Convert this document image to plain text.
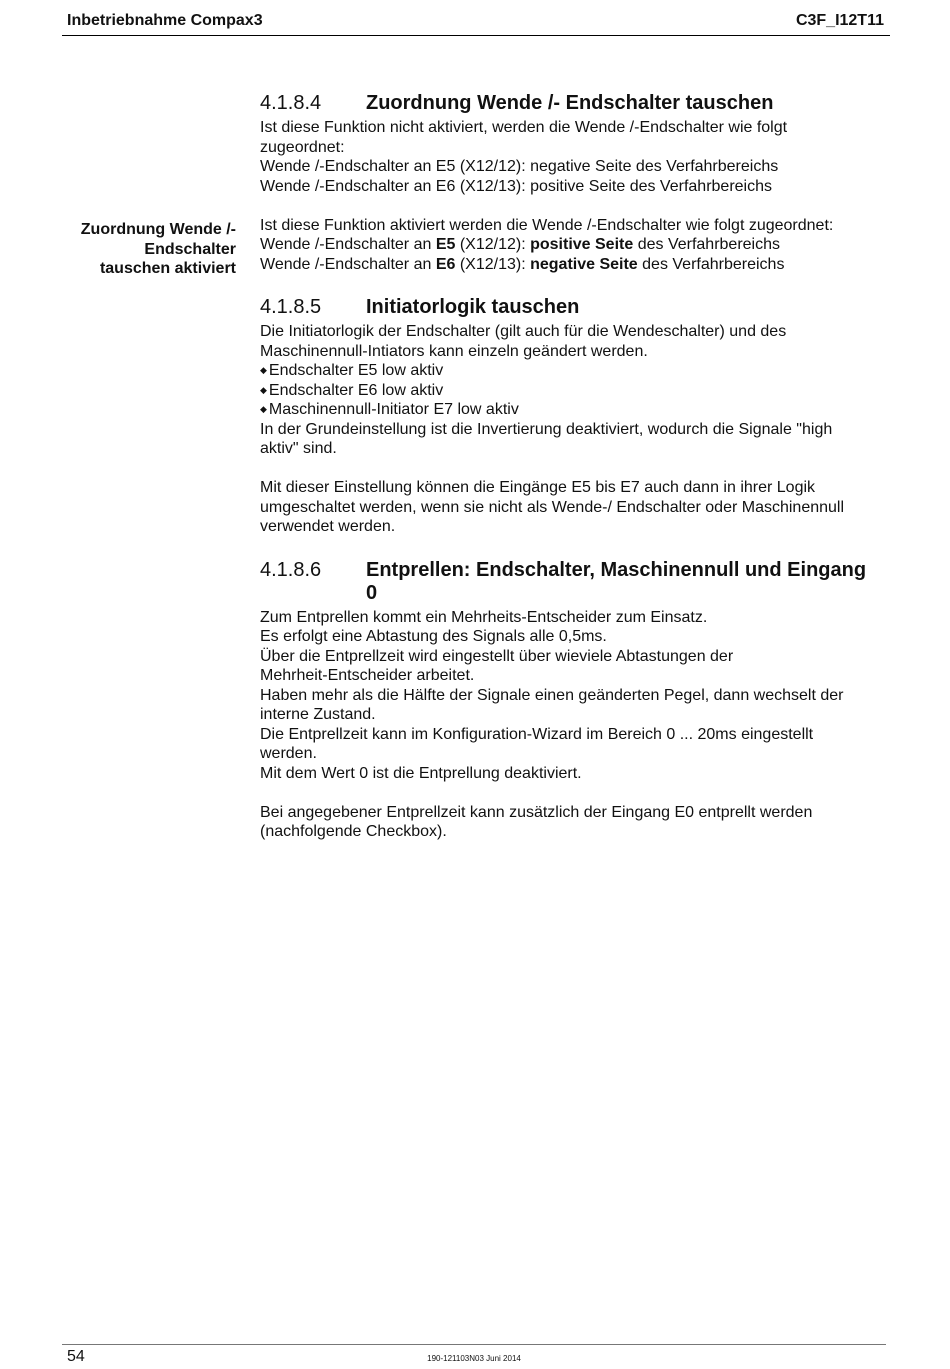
Inbetriebnahme Compax3	C3F_I12T11
Zuordnung Wende /-
Endschalter
tauschen aktiviert
4.1.8.4	Zuordnung Wende /- Endschalter tauschen

Ist diese Funktion nicht aktiviert, werden die Wende /-Endschalter wie folgt

zugeordnet:

Wende /-Endschalter an E5 (X12/12): negative Seite des Verfahrbereichs

Wende /-Endschalter an E6 (X12/13): positive Seite des Verfahrbereichs

Ist diese Funktion aktiviert werden die Wende /-Endschalter wie folgt zugeordnet:

Wende /-Endschalter an E5 (X12/12): positive Seite des Verfahrbereichs

Wende /-Endschalter an E6 (X12/13): negative Seite des Verfahrbereichs

4.1.8.5	Initiatorlogik tauschen

Die Initiatorlogik der Endschalter (gilt auch für die Wendeschalter) und des

Maschinennull-Intiators kann einzeln geändert werden.

◆ Endschalter E5 low aktiv

◆ Endschalter E6 low aktiv

◆ Maschinennull-Initiator E7 low aktiv

In der Grundeinstellung ist die Invertierung deaktiviert, wodurch die Signale "high

aktiv" sind.

Mit dieser Einstellung können die Eingänge E5 bis E7 auch dann in ihrer Logik

umgeschaltet werden, wenn sie nicht als Wende-/ Endschalter oder Maschinennull

verwendet werden.

4.1.8.6	Entprellen: Endschalter, Maschinennull und Eingang
0

Zum Entprellen kommt ein Mehrheits-Entscheider zum Einsatz.

Es erfolgt eine Abtastung des Signals alle 0,5ms.

Über die Entprellzeit wird eingestellt über wieviele Abtastungen der

Mehrheit-Entscheider arbeitet.

Haben mehr als die Hälfte der Signale einen geänderten Pegel, dann wechselt der

interne Zustand.

Die Entprellzeit kann im Konfiguration-Wizard im Bereich 0 ... 20ms eingestellt

werden.

Mit dem Wert 0 ist die Entprellung deaktiviert.

Bei angegebener Entprellzeit kann zusätzlich der Eingang E0 entprellt werden

(nachfolgende Checkbox).

54	190-121103N03 Juni 2014
